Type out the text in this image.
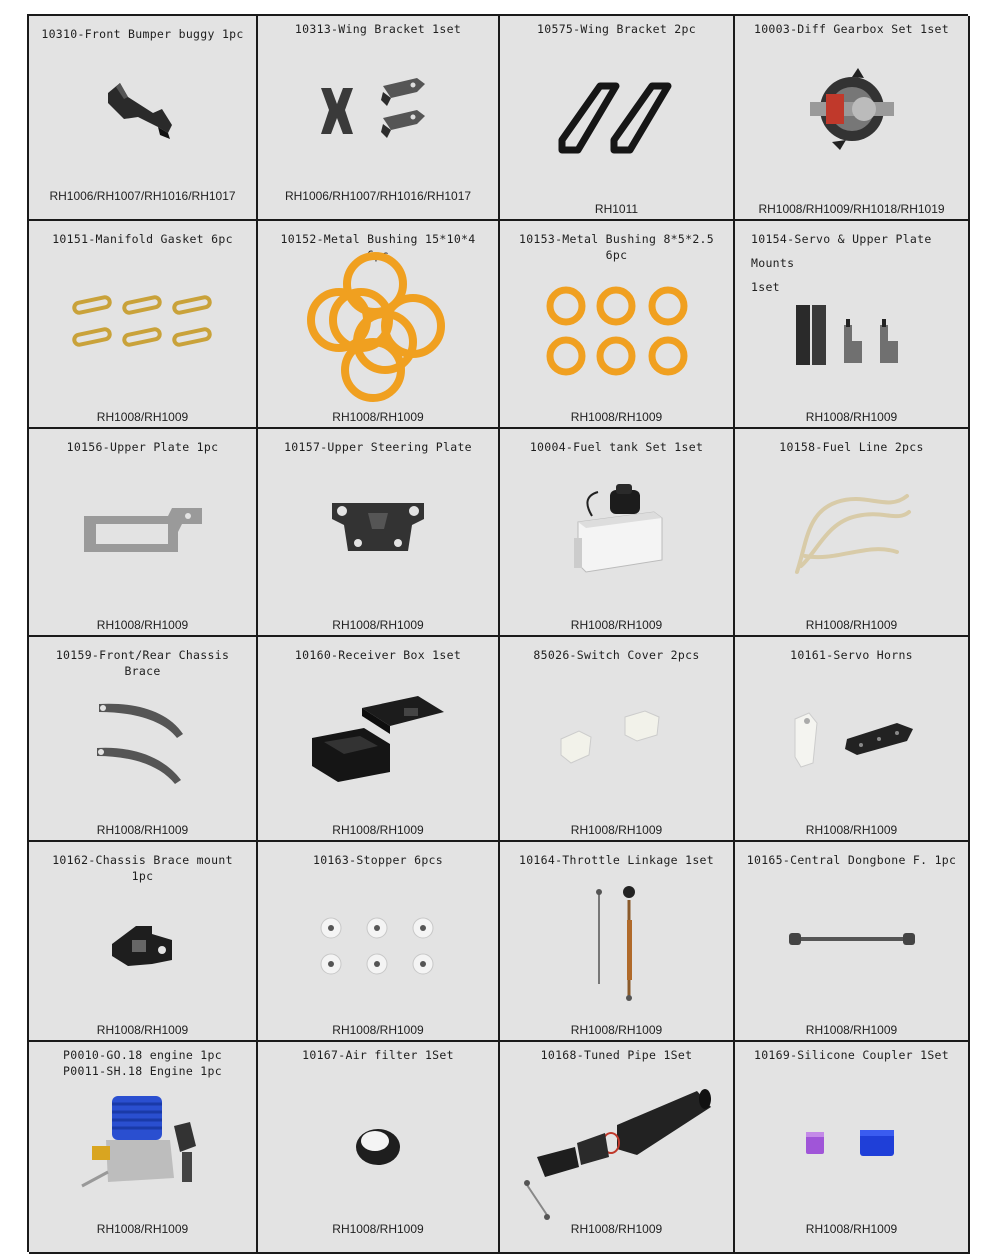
10310-Front Bumper buggy 1pc
RH1006/RH1007/RH1016/RH1017
10313-Wing Bracket 1set
RH1006/RH1007/RH1016/RH1017
10575-Wing Bracket 2pc
RH1011
10003-Diff Gearbox Set 1set
RH1008/RH1009/RH1018/RH1019
10151-Manifold Gasket 6pc
RH1008/RH1009
10152-Metal Bushing 15*10*4 6pc
RH1008/RH1009
10153-Metal Bushing 8*5*2.5 6pc
RH1008/RH1009
10154-Servo & Upper Plate Mounts
1set
RH1008/RH1009
10156-Upper Plate 1pc
RH1008/RH1009
10157-Upper Steering Plate
RH1008/RH1009
10004-Fuel tank Set 1set
RH1008/RH1009
10158-Fuel Line 2pcs
RH1008/RH1009
10159-Front/Rear Chassis Brace
RH1008/RH1009
10160-Receiver Box 1set
RH1008/RH1009
85026-Switch Cover 2pcs
RH1008/RH1009
10161-Servo Horns
RH1008/RH1009
10162-Chassis Brace mount 1pc
RH1008/RH1009
10163-Stopper 6pcs
RH1008/RH1009
10164-Throttle Linkage 1set
RH1008/RH1009
10165-Central Dongbone F. 1pc
RH1008/RH1009
P0010-GO.18 engine 1pc
P0011-SH.18 Engine 1pc
RH1008/RH1009
10167-Air filter 1Set
RH1008/RH1009
10168-Tuned Pipe 1Set
RH1008/RH1009
10169-Silicone Coupler 1Set
RH1008/RH1009
